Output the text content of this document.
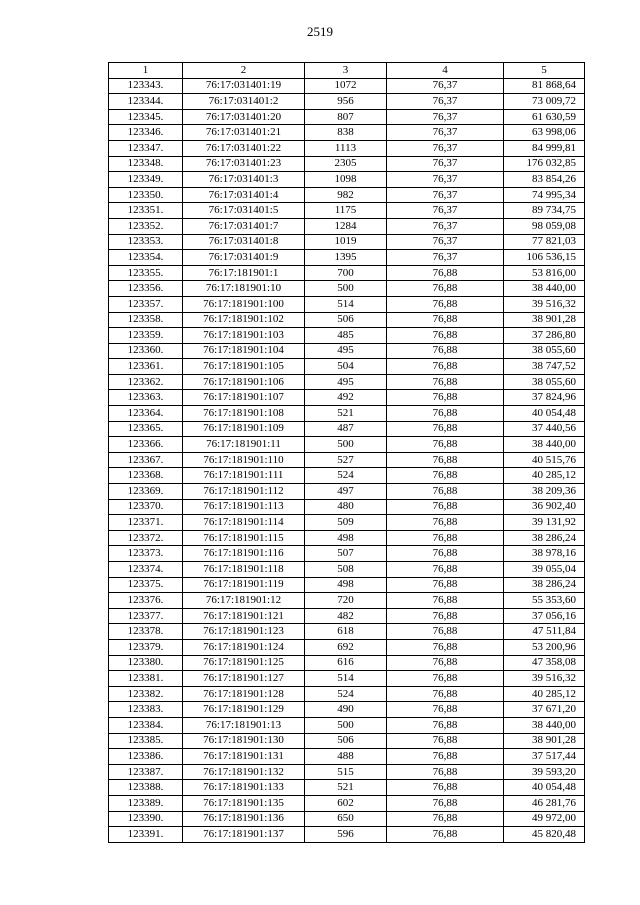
2519
1	2	3	4	5
123343.	76:17:031401:19	1072	76,37	81 868,64
123344.	76:17:031401:2	956	76,37	73 009,72
123345.	76:17:031401:20	807	76,37	61 630,59
123346.	76:17:031401:21	838	76,37	63 998,06
123347.	76:17:031401:22	1113	76,37	84 999,81
123348.	76:17:031401:23	2305	76,37	176 032,85
123349.	76:17:031401:3	1098	76,37	83 854,26
123350.	76:17:031401:4	982	76,37	74 995,34
123351.	76:17:031401:5	1175	76,37	89 734,75
123352.	76:17:031401:7	1284	76,37	98 059,08
123353.	76:17:031401:8	1019	76,37	77 821,03
123354.	76:17:031401:9	1395	76,37	106 536,15
123355.	76:17:181901:1	700	76,88	53 816,00
123356.	76:17:181901:10	500	76,88	38 440,00
123357.	76:17:181901:100	514	76,88	39 516,32
123358.	76:17:181901:102	506	76,88	38 901,28
123359.	76:17:181901:103	485	76,88	37 286,80
123360.	76:17:181901:104	495	76,88	38 055,60
123361.	76:17:181901:105	504	76,88	38 747,52
123362.	76:17:181901:106	495	76,88	38 055,60
123363.	76:17:181901:107	492	76,88	37 824,96
123364.	76:17:181901:108	521	76,88	40 054,48
123365.	76:17:181901:109	487	76,88	37 440,56
123366.	76:17:181901:11	500	76,88	38 440,00
123367.	76:17:181901:110	527	76,88	40 515,76
123368.	76:17:181901:111	524	76,88	40 285,12
123369.	76:17:181901:112	497	76,88	38 209,36
123370.	76:17:181901:113	480	76,88	36 902,40
123371.	76:17:181901:114	509	76,88	39 131,92
123372.	76:17:181901:115	498	76,88	38 286,24
123373.	76:17:181901:116	507	76,88	38 978,16
123374.	76:17:181901:118	508	76,88	39 055,04
123375.	76:17:181901:119	498	76,88	38 286,24
123376.	76:17:181901:12	720	76,88	55 353,60
123377.	76:17:181901:121	482	76,88	37 056,16
123378.	76:17:181901:123	618	76,88	47 511,84
123379.	76:17:181901:124	692	76,88	53 200,96
123380.	76:17:181901:125	616	76,88	47 358,08
123381.	76:17:181901:127	514	76,88	39 516,32
123382.	76:17:181901:128	524	76,88	40 285,12
123383.	76:17:181901:129	490	76,88	37 671,20
123384.	76:17:181901:13	500	76,88	38 440,00
123385.	76:17:181901:130	506	76,88	38 901,28
123386.	76:17:181901:131	488	76,88	37 517,44
123387.	76:17:181901:132	515	76,88	39 593,20
123388.	76:17:181901:133	521	76,88	40 054,48
123389.	76:17:181901:135	602	76,88	46 281,76
123390.	76:17:181901:136	650	76,88	49 972,00
123391.	76:17:181901:137	596	76,88	45 820,48
